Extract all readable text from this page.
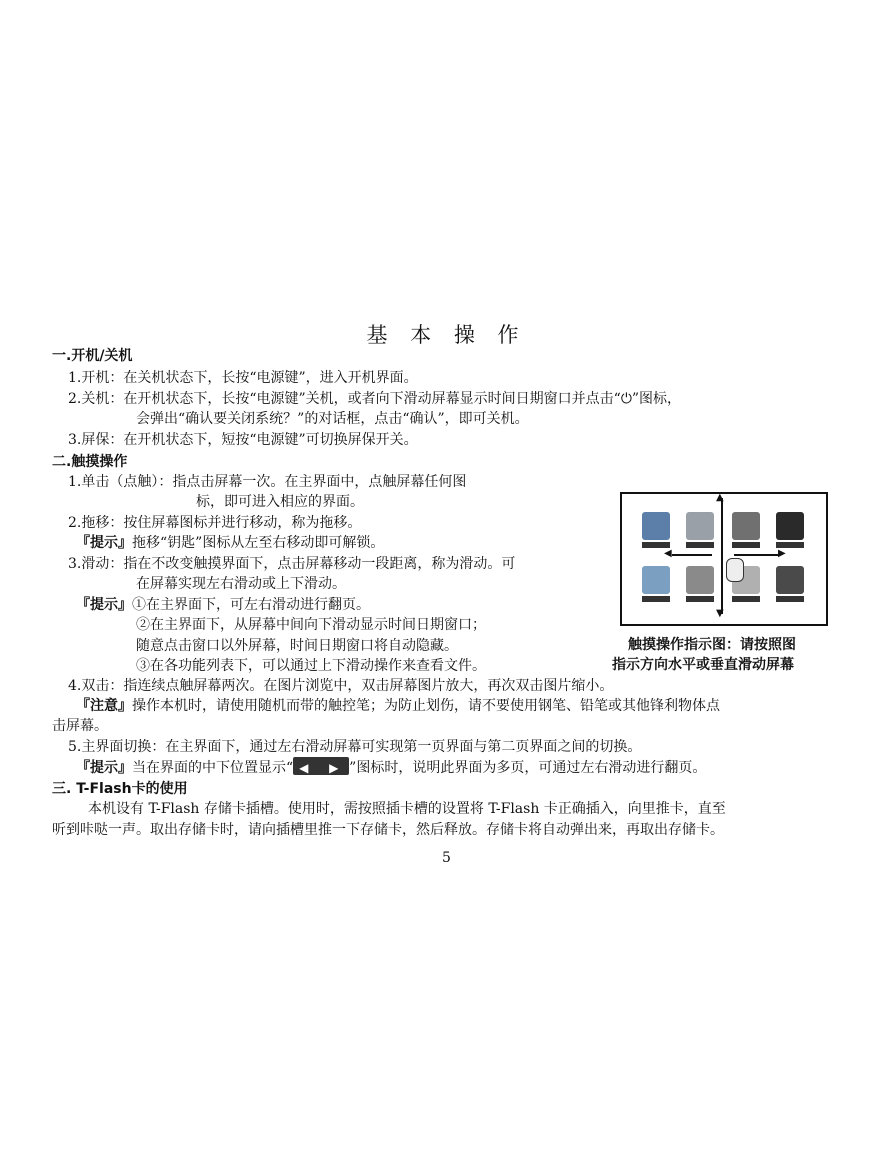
基 本 操 作
一.开机/关机
1.开机：在关机状态下，长按“电源键”，进入开机界面。
2.关机：在开机状态下，长按“电源键”关机，或者向下滑动屏幕显示时间日期窗口并点击“⏻”图标，
会弹出“确认要关闭系统？”的对话框，点击“确认”，即可关机。
3.屏保：在开机状态下，短按“电源键”可切换屏保开关。
二.触摸操作
1.单击（点触）：指点击屏幕一次。在主界面中，点触屏幕任何图
标，即可进入相应的界面。
2.拖移：按住屏幕图标并进行移动，称为拖移。
『提示』拖移“钥匙”图标从左至右移动即可解锁。
3.滑动：指在不改变触摸界面下，点击屏幕移动一段距离，称为滑动。可
在屏幕实现左右滑动或上下滑动。
『提示』①在主界面下，可左右滑动进行翻页。
②在主界面下，从屏幕中间向下滑动显示时间日期窗口；
随意点击窗口以外屏幕，时间日期窗口将自动隐藏。
③在各功能列表下，可以通过上下滑动操作来查看文件。
▲
▼
◀	▶
触摸操作指示图：请按照图
指示方向水平或垂直滑动屏幕
4.双击：指连续点触屏幕两次。在图片浏览中，双击屏幕图片放大，再次双击图片缩小。
『注意』操作本机时，请使用随机而带的触控笔；为防止划伤，请不要使用钢笔、铅笔或其他锋利物体点
击屏幕。
5.主界面切换：在主界面下，通过左右滑动屏幕可实现第一页界面与第二页界面之间的切换。
『提示』当在界面的中下位置显示“ ◀ ▶ ”图标时，说明此界面为多页，可通过左右滑动进行翻页。
三. T-Flash卡的使用
本机设有 T-Flash 存储卡插槽。使用时，需按照插卡槽的设置将 T-Flash 卡正确插入，向里推卡，直至
听到咔哒一声。取出存储卡时，请向插槽里推一下存储卡，然后释放。存储卡将自动弹出来，再取出存储卡。
5
